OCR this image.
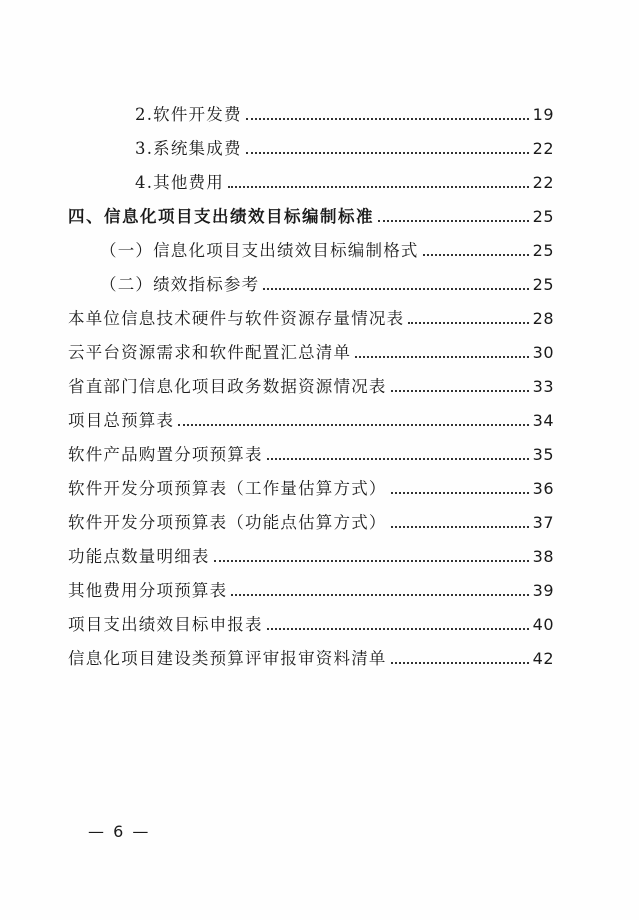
2.软件开发费	19
3.系统集成费	22
4.其他费用	22
四、信息化项目支出绩效目标编制标准	25
（一）信息化项目支出绩效目标编制格式	25
（二）绩效指标参考	25
本单位信息技术硬件与软件资源存量情况表	28
云平台资源需求和软件配置汇总清单	30
省直部门信息化项目政务数据资源情况表	33
项目总预算表	34
软件产品购置分项预算表	35
软件开发分项预算表（工作量估算方式）	36
软件开发分项预算表（功能点估算方式）	37
功能点数量明细表	38
其他费用分项预算表	39
项目支出绩效目标申报表	40
信息化项目建设类预算评审报审资料清单	42
— 6 —
